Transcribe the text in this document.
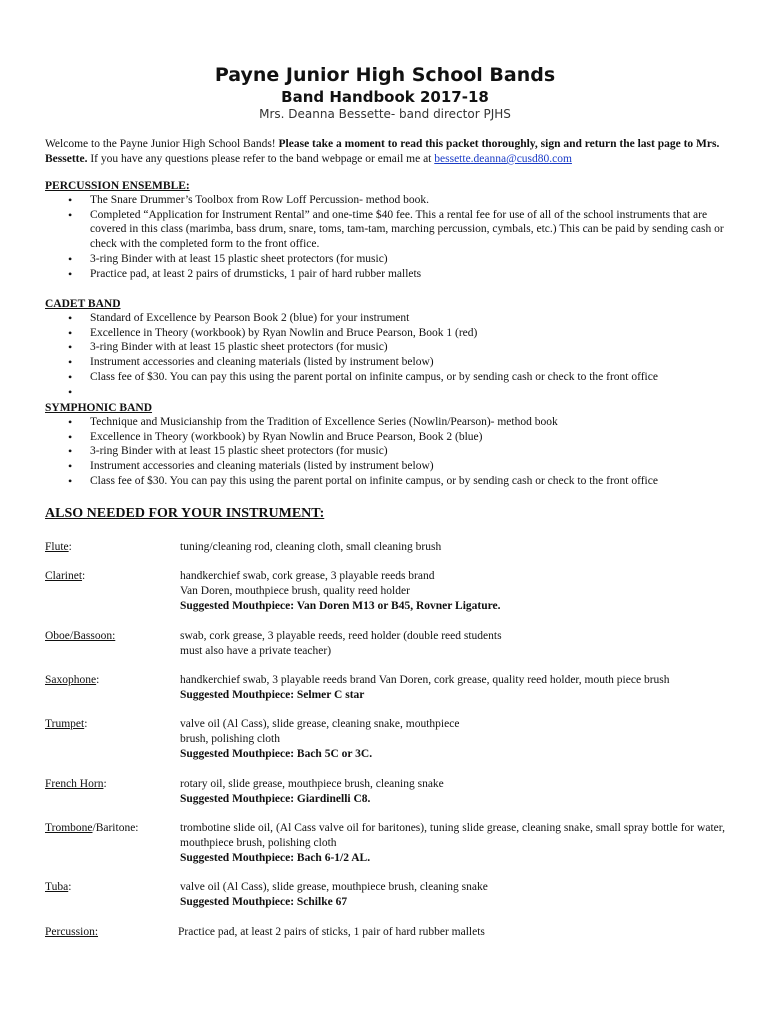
Payne Junior High School Bands
Band Handbook 2017-18
Mrs. Deanna Bessette- band director PJHS
Welcome to the Payne Junior High School Bands! Please take a moment to read this packet thoroughly, sign and return the last page to Mrs. Bessette. If you have any questions please refer to the band webpage or email me at bessette.deanna@cusd80.com
PERCUSSION ENSEMBLE:
• The Snare Drummer’s Toolbox from Row Loff Percussion- method book.
• Completed “Application for Instrument Rental” and one-time $40 fee. This a rental fee for use of all of the school instruments that are covered in this class (marimba, bass drum, snare, toms, tam-tam, marching percussion, cymbals, etc.) This can be paid by sending cash or check with the completed form to the front office.
• 3-ring Binder with at least 15 plastic sheet protectors (for music)
• Practice pad, at least 2 pairs of drumsticks, 1 pair of hard rubber mallets
CADET BAND
• Standard of Excellence by Pearson Book 2 (blue) for your instrument
• Excellence in Theory (workbook) by Ryan Nowlin and Bruce Pearson, Book 1 (red)
• 3-ring Binder with at least 15 plastic sheet protectors (for music)
• Instrument accessories and cleaning materials (listed by instrument below)
• Class fee of $30. You can pay this using the parent portal on infinite campus, or by sending cash or check to the front office
•
SYMPHONIC BAND
• Technique and Musicianship from the Tradition of Excellence Series (Nowlin/Pearson)- method book
• Excellence in Theory (workbook) by Ryan Nowlin and Bruce Pearson, Book 2 (blue)
• 3-ring Binder with at least 15 plastic sheet protectors (for music)
• Instrument accessories and cleaning materials (listed by instrument below)
• Class fee of $30. You can pay this using the parent portal on infinite campus, or by sending cash or check to the front office
ALSO NEEDED FOR YOUR INSTRUMENT:
Flute:	tuning/cleaning rod, cleaning cloth, small cleaning brush
Clarinet:	handkerchief swab, cork grease, 3 playable reeds brand
Van Doren, mouthpiece brush, quality reed holder
Suggested Mouthpiece: Van Doren M13 or B45, Rovner Ligature.
Oboe/Bassoon:	swab, cork grease, 3 playable reeds, reed holder (double reed students
must also have a private teacher)
Saxophone:	handkerchief swab, 3 playable reeds brand Van Doren, cork grease, quality reed holder, mouth piece brush
Suggested Mouthpiece: Selmer C star
Trumpet:	valve oil (Al Cass), slide grease, cleaning snake, mouthpiece
brush, polishing cloth
Suggested Mouthpiece: Bach 5C or 3C.
French Horn:	rotary oil, slide grease, mouthpiece brush, cleaning snake
Suggested Mouthpiece: Giardinelli C8.
Trombone/Baritone:	trombotine slide oil, (Al Cass valve oil for baritones), tuning slide grease, cleaning snake, small spray bottle for water, mouthpiece brush, polishing cloth
Suggested Mouthpiece: Bach 6-1/2 AL.
Tuba:	valve oil (Al Cass), slide grease, mouthpiece brush, cleaning snake
Suggested Mouthpiece: Schilke 67
Percussion:	Practice pad, at least 2 pairs of sticks, 1 pair of hard rubber mallets
